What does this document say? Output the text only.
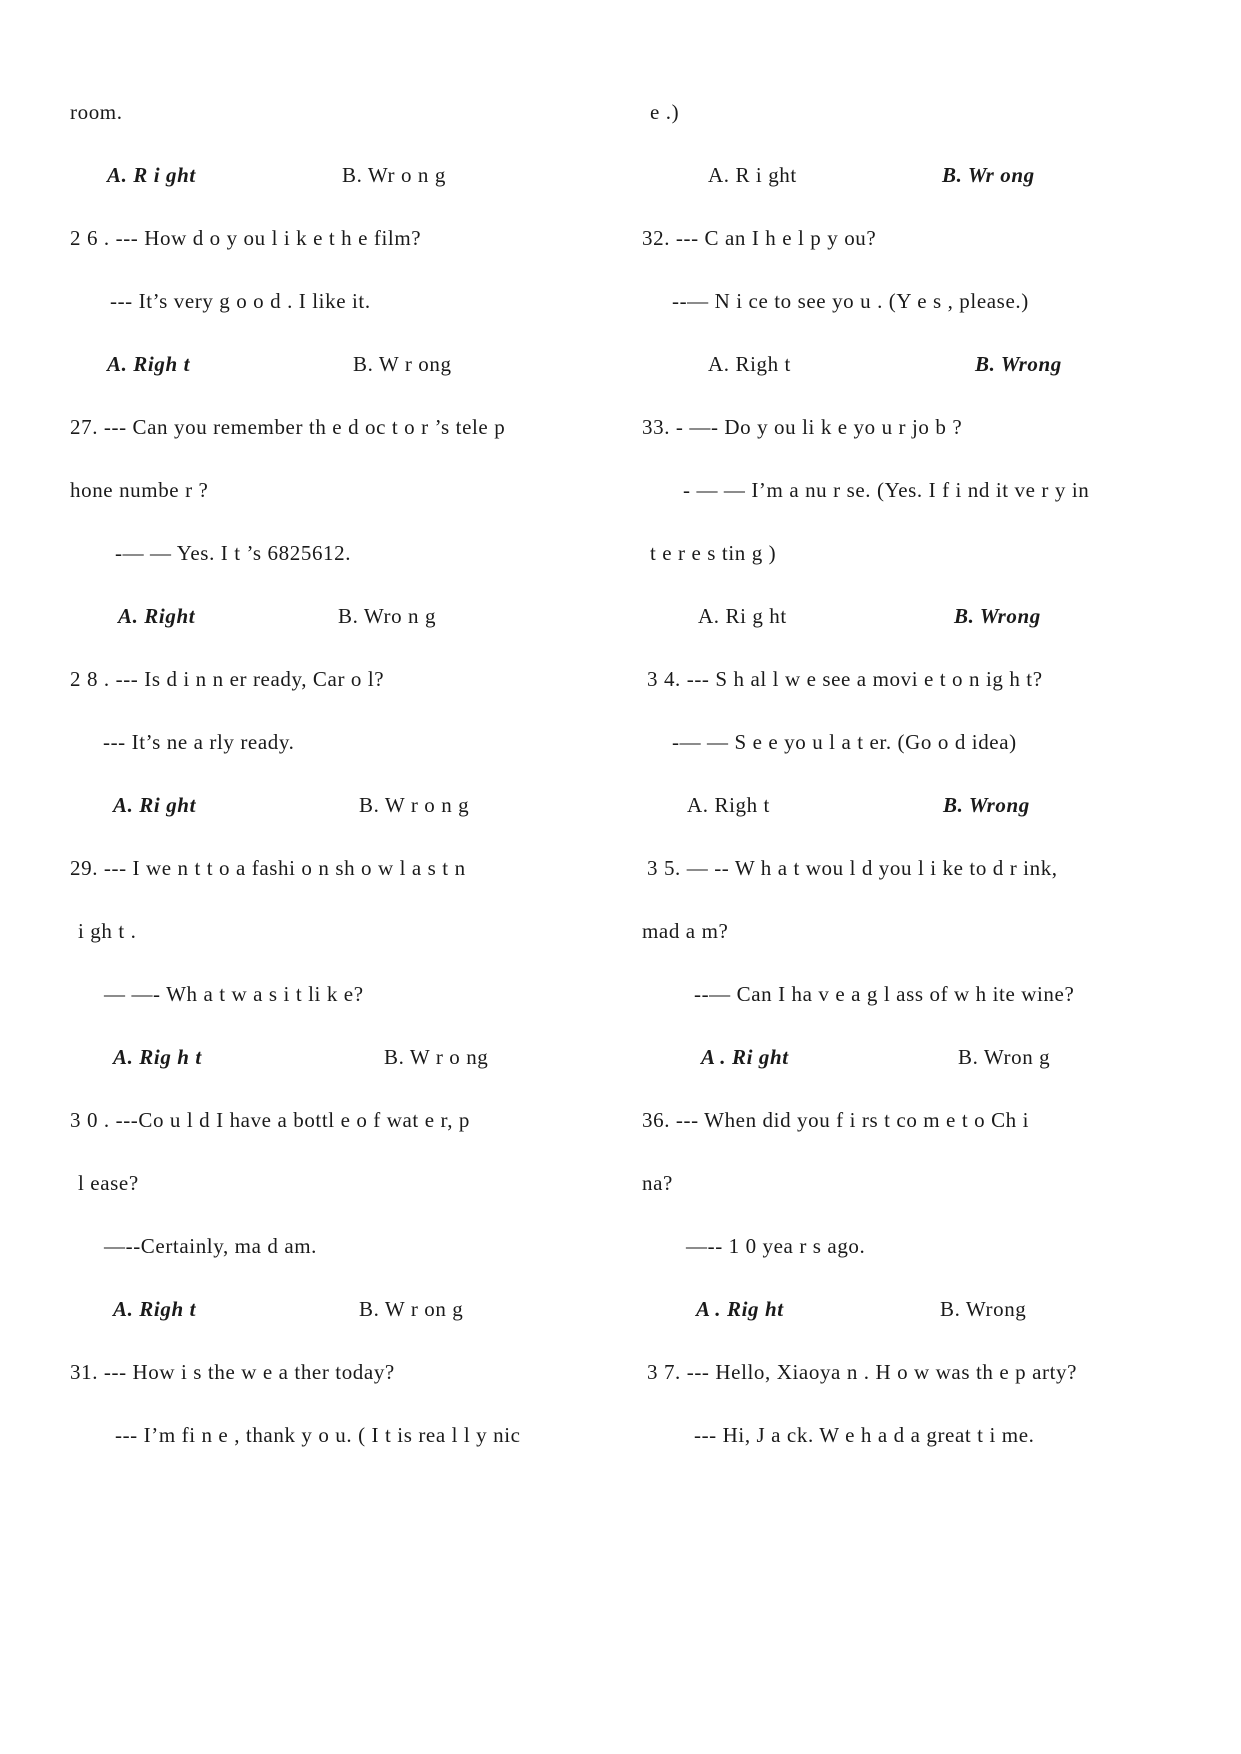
room.
A. R i ght	B. Wr o n g
2 6 . --- How d o y ou l i k e t h e film?
--- It’s very g o o d . I like it.
A. Righ t	B. W r ong
27. --- Can you remember th e d oc t o r ’s tele p
hone numbe r ?
-— — Yes. I t ’s 6825612.
A. Right	B. Wro n g
2 8 . --- Is d i n n er ready, Car o l?
--- It’s ne a rly ready.
A. Ri ght	B. W r o n g
29. --- I we n t t o a fashi o n sh o w l a s t n
i gh t .
— —- Wh a t w a s i t li k e?
A. Rig h t	B. W r o ng
3 0 . ---Co u l d I have a bottl e o f wat e r, p
l ease?
—--Certainly, ma d am.
A. Righ t	B. W r on g
31. --- How i s the w e a ther today?
--- I’m fi n e , thank y o u. ( I t is rea l l y nic
e .)
A. R i ght	B. Wr ong
32. --- C an I h e l p y ou?
--— N i ce to see yo u . (Y e s , please.)
A. Righ t	B. Wrong
33. - —- Do y ou li k e yo u r jo b ?
- — — I’m a nu r se. (Yes. I f i nd it ve r y in
t e r e s tin g )
A. Ri g ht	B. Wrong
3 4. --- S h al l w e see a movi e t o n ig h t?
-— — S e e yo u l a t er. (Go o d idea)
A. Righ t	B. Wrong
3 5. — -- W h a t wou l d you l i ke to d r ink,
mad a m?
--— Can I ha v e a g l ass of w h ite wine?
A . Ri ght	B. Wron g
36. --- When did you f i rs t co m e t o Ch i
na?
—-- 1 0 yea r s ago.
A . Rig ht	B. Wrong
3 7. --- Hello, Xiaoya n . H o w was th e p arty?
--- Hi, J a ck. W e h a d a great t i me.
